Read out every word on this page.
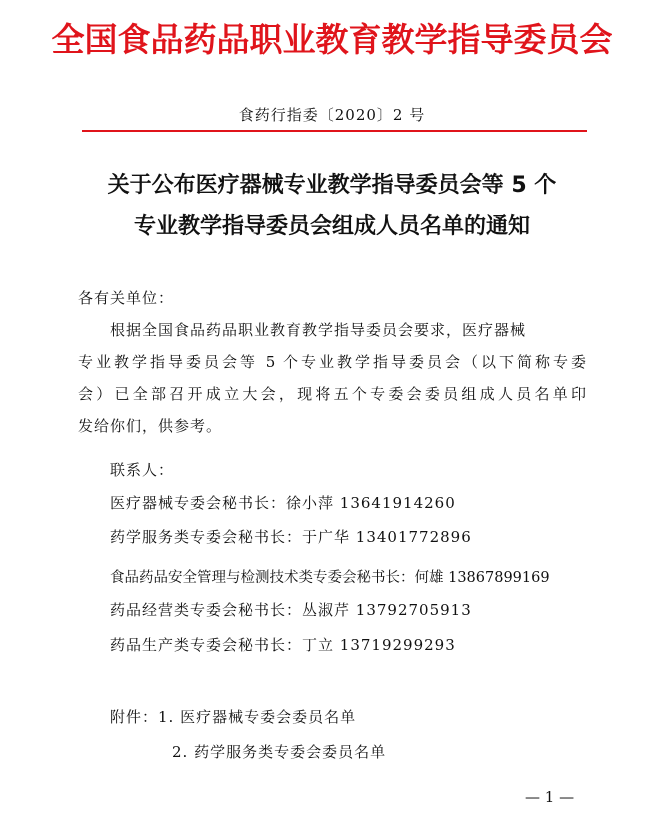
全国食品药品职业教育教学指导委员会
食药行指委〔2020〕2 号
关于公布医疗器械专业教学指导委员会等 5 个
专业教学指导委员会组成人员名单的通知
各有关单位：
根据全国食品药品职业教育教学指导委员会要求，医疗器械
专业教学指导委员会等 5 个专业教学指导委员会（以下简称专委
会）已全部召开成立大会，现将五个专委会委员组成人员名单印
发给你们，供参考。
联系人：
医疗器械专委会秘书长：徐小萍 13641914260
药学服务类专委会秘书长：于广华 13401772896
食品药品安全管理与检测技术类专委会秘书长：何雄 13867899169
药品经营类专委会秘书长：丛淑芹 13792705913
药品生产类专委会秘书长：丁立 13719299293
附件：1. 医疗器械专委会委员名单
2. 药学服务类专委会委员名单
— 1 —
